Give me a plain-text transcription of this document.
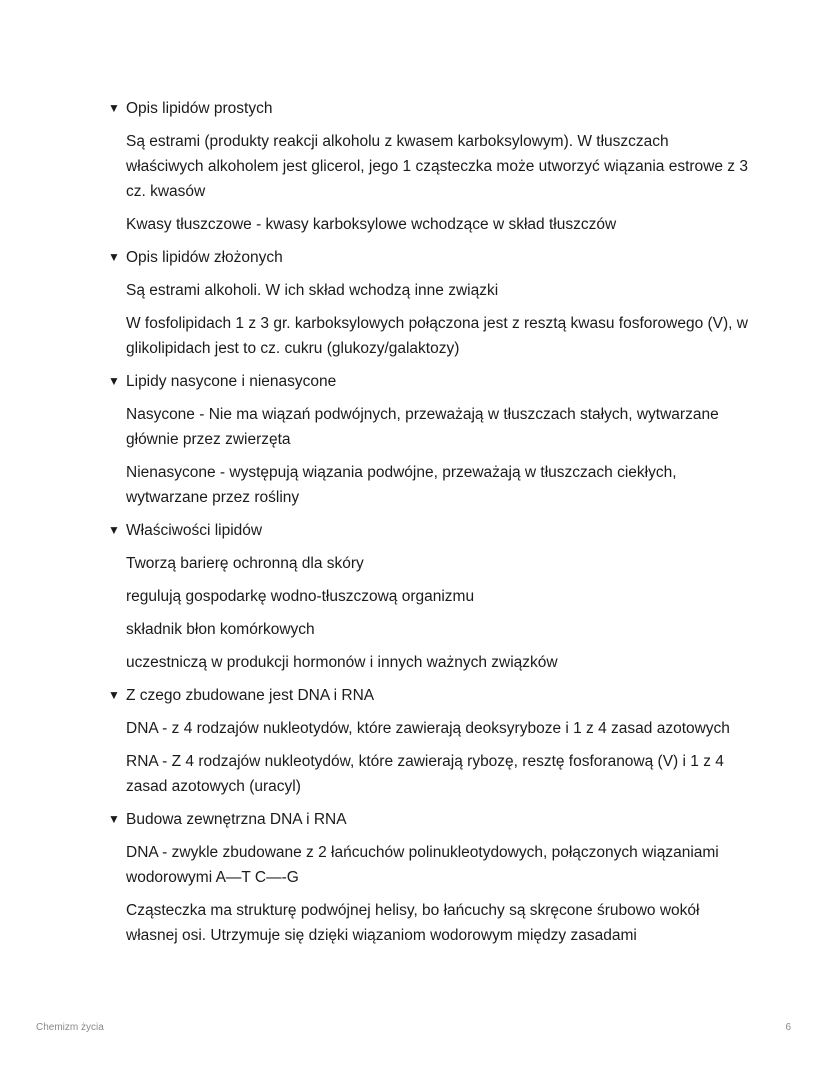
▼ Opis lipidów prostych

Są estrami (produkty reakcji alkoholu z kwasem karboksylowym). W tłuszczach właściwych alkoholem jest glicerol, jego 1 cząsteczka może utworzyć wiązania estrowe z 3 cz. kwasów

Kwasy tłuszczowe - kwasy karboksylowe wchodzące w skład tłuszczów

▼ Opis lipidów złożonych

Są estrami alkoholi. W ich skład wchodzą inne związki

W fosfolipidach 1 z 3 gr. karboksylowych połączona jest z resztą kwasu fosforowego (V), w glikolipidach jest to cz. cukru (glukozy/galaktozy)

▼ Lipidy nasycone i nienasycone

Nasycone - Nie ma wiązań podwójnych, przeważają w tłuszczach stałych, wytwarzane głównie przez zwierzęta

Nienasycone - występują wiązania podwójne, przeważają w tłuszczach ciekłych, wytwarzane przez rośliny

▼ Właściwości lipidów

Tworzą barierę ochronną dla skóry

regulują gospodarkę wodno-tłuszczową organizmu

składnik błon komórkowych

uczestniczą w produkcji hormonów i innych ważnych związków

▼ Z czego zbudowane jest DNA i RNA

DNA - z 4 rodzajów nukleotydów, które zawierają deoksyryboze i 1 z 4 zasad azotowych

RNA - Z 4 rodzajów nukleotydów, które zawierają rybozę, resztę fosforanową (V) i 1 z 4 zasad azotowych (uracyl)

▼ Budowa zewnętrzna DNA i RNA

DNA - zwykle zbudowane z 2 łańcuchów polinukleotydowych, połączonych wiązaniami wodorowymi A—T C—-G

Cząsteczka ma strukturę podwójnej helisy, bo łańcuchy są skręcone śrubowo wokół własnej osi. Utrzymuje się dzięki wiązaniom wodorowym między zasadami

Chemizm życia	6
